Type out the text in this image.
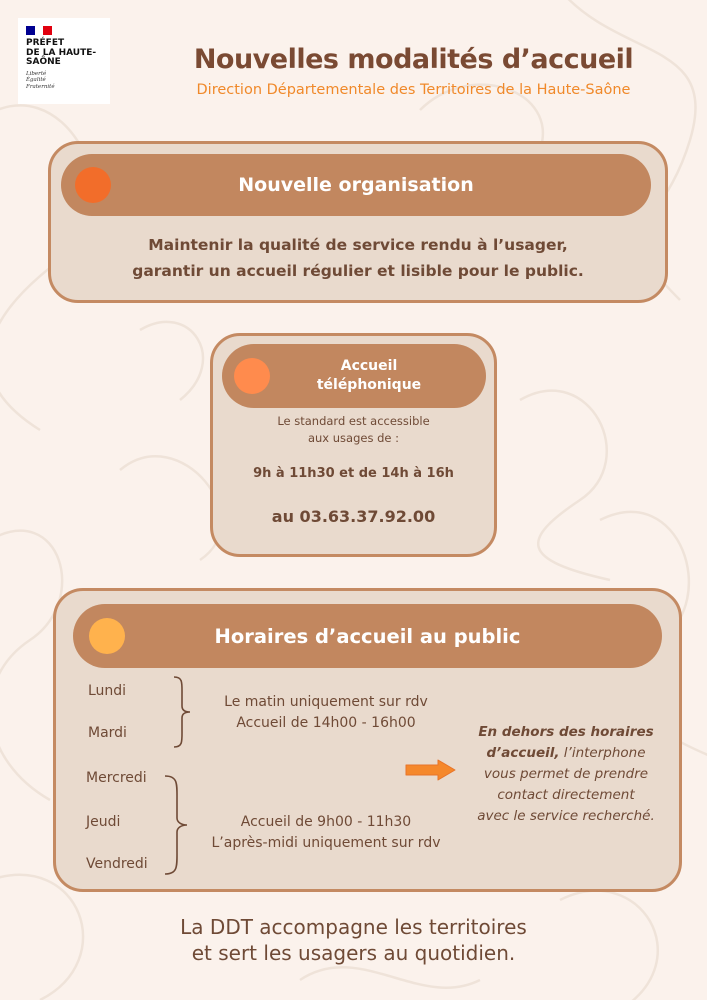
PRÉFET
DE LA HAUTE-
SAÔNE
Liberté
Égalité
Fraternité
Nouvelles modalités d’accueil
Direction Départementale des Territoires de la Haute-Saône
Nouvelle organisation
Maintenir la qualité de service rendu à l’usager,
garantir un accueil régulier et lisible pour le public.
Accueil
téléphonique
Le standard est accessible
aux usages de :
9h à 11h30 et de 14h à 16h
au 03.63.37.92.00
Horaires d’accueil au public
Lundi
Mardi
Le matin uniquement sur rdv
Accueil de 14h00 - 16h00
Mercredi
Jeudi
Vendredi
Accueil de 9h00 - 11h30
L’après-midi uniquement sur rdv
En dehors des horaires
d’accueil, l’interphone
vous permet de prendre
contact directement
avec le service recherché.
La DDT accompagne les territoires
et sert les usagers au quotidien.
